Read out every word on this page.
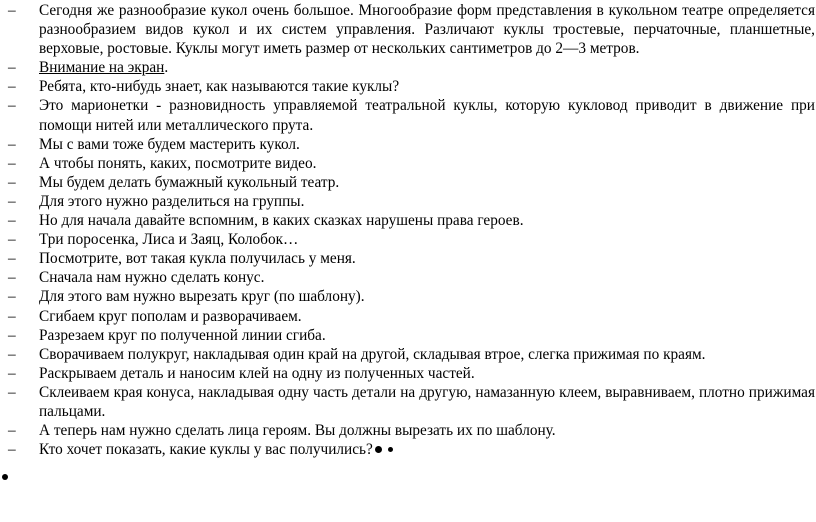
– Сегодня же разнообразие кукол очень большое. Многообразие форм представления в кукольном театре определяется разнообразием видов кукол и их систем управления. Различают куклы тростевые, перчаточные, планшетные, верховые, ростовые. Куклы могут иметь размер от нескольких сантиметров до 2—3 метров.
– Внимание на экран.
– Ребята, кто-нибудь знает, как называются такие куклы?
– Это марионетки - разновидность управляемой театральной куклы, которую кукловод приводит в движение при помощи нитей или металлического прута.
– Мы с вами тоже будем мастерить кукол.
– А чтобы понять, каких, посмотрите видео.
– Мы будем делать бумажный кукольный театр.
– Для этого нужно разделиться на группы.
– Но для начала давайте вспомним, в каких сказках нарушены права героев.
– Три поросенка, Лиса и Заяц, Колобок…
– Посмотрите, вот такая кукла получилась у меня.
– Сначала нам нужно сделать конус.
– Для этого вам нужно вырезать круг (по шаблону).
– Сгибаем круг пополам и разворачиваем.
– Разрезаем круг по полученной линии сгиба.
– Сворачиваем полукруг, накладывая один край на другой, складывая втрое, слегка прижимая по краям.
– Раскрываем деталь и наносим клей на одну из полученных частей.
– Склеиваем края конуса, накладывая одну часть детали на другую, намазанную клеем, выравниваем, плотно прижимая пальцами.
– А теперь нам нужно сделать лица героям. Вы должны вырезать их по шаблону.
– Кто хочет показать, какие куклы у вас получились?
